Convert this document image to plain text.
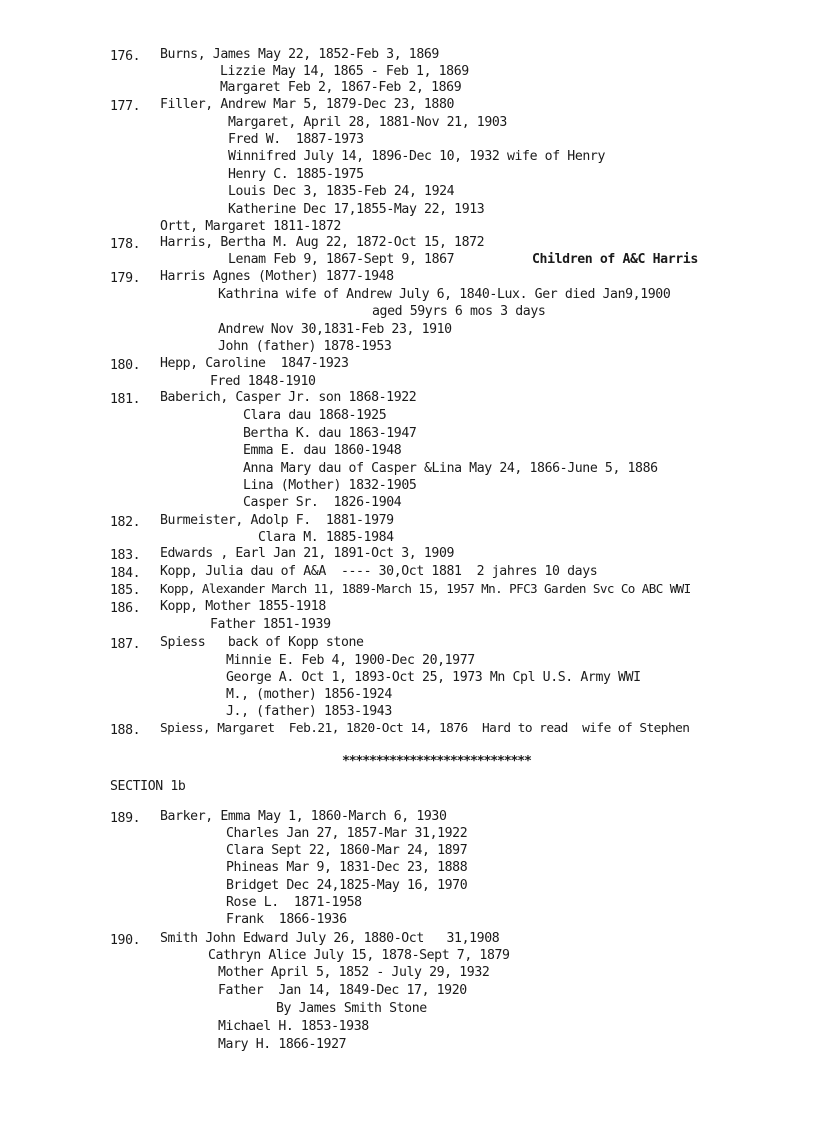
176. Burns, James May 22, 1852-Feb 3, 1869
Lizzie May 14, 1865 - Feb 1, 1869
Margaret Feb 2, 1867-Feb 2, 1869
177. Filler, Andrew Mar 5, 1879-Dec 23, 1880
Margaret, April 28, 1881-Nov 21, 1903
Fred W.  1887-1973
Winnifred July 14, 1896-Dec 10, 1932 wife of Henry
Henry C. 1885-1975
Louis Dec 3, 1835-Feb 24, 1924
Katherine Dec 17,1855-May 22, 1913
Ortt, Margaret 1811-1872
178. Harris, Bertha M. Aug 22, 1872-Oct 15, 1872
Lenam Feb 9, 1867-Sept 9, 1867	Children of A&C Harris
179. Harris Agnes (Mother) 1877-1948
Kathrina wife of Andrew July 6, 1840-Lux. Ger died Jan9,1900
aged 59yrs 6 mos 3 days
Andrew Nov 30,1831-Feb 23, 1910
John (father) 1878-1953
180. Hepp, Caroline  1847-1923
Fred 1848-1910
181. Baberich, Casper Jr. son 1868-1922
Clara dau 1868-1925
Bertha K. dau 1863-1947
Emma E. dau 1860-1948
Anna Mary dau of Casper &Lina May 24, 1866-June 5, 1886
Lina (Mother) 1832-1905
Casper Sr.  1826-1904
182. Burmeister, Adolp F.  1881-1979
Clara M. 1885-1984
183. Edwards , Earl Jan 21, 1891-Oct 3, 1909
184. Kopp, Julia dau of A&A  ---- 30,Oct 1881  2 jahres 10 days
185. Kopp, Alexander March 11, 1889-March 15, 1957 Mn. PFC3 Garden Svc Co ABC WWI
186. Kopp, Mother 1855-1918
Father 1851-1939
187. Spiess   back of Kopp stone
Minnie E. Feb 4, 1900-Dec 20,1977
George A. Oct 1, 1893-Oct 25, 1973 Mn Cpl U.S. Army WWI
M., (mother) 1856-1924
J., (father) 1853-1943
188. Spiess, Margaret  Feb.21, 1820-Oct 14, 1876  Hard to read  wife of Stephen
****************************
SECTION 1b
189. Barker, Emma May 1, 1860-March 6, 1930
Charles Jan 27, 1857-Mar 31,1922
Clara Sept 22, 1860-Mar 24, 1897
Phineas Mar 9, 1831-Dec 23, 1888
Bridget Dec 24,1825-May 16, 1970
Rose L.  1871-1958
Frank  1866-1936
190. Smith John Edward July 26, 1880-Oct   31,1908
Cathryn Alice July 15, 1878-Sept 7, 1879
Mother April 5, 1852 - July 29, 1932
Father  Jan 14, 1849-Dec 17, 1920
By James Smith Stone
Michael H. 1853-1938
Mary H. 1866-1927
